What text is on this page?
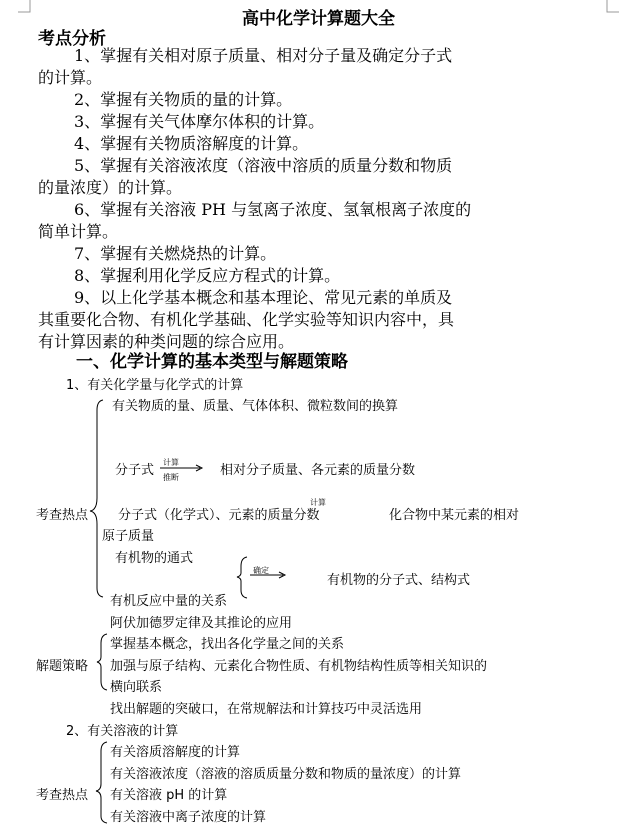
高中化学计算题大全
考点分析
1、掌握有关相对原子质量、相对分子量及确定分子式
的计算。
2、掌握有关物质的量的计算。
3、掌握有关气体摩尔体积的计算。
4、掌握有关物质溶解度的计算。
5、掌握有关溶液浓度（溶液中溶质的质量分数和物质
的量浓度）的计算。
6、掌握有关溶液 PH 与氢离子浓度、氢氧根离子浓度的
简单计算。
7、掌握有关燃烧热的计算。
8、掌握利用化学反应方程式的计算。
9、以上化学基本概念和基本理论、常见元素的单质及
其重要化合物、有机化学基础、化学实验等知识内容中，具
有计算因素的种类问题的综合应用。
一、化学计算的基本类型与解题策略
1、有关化学量与化学式的计算
有关物质的量、质量、气体体积、微粒数间的换算
分子式
计算
推断	相对分子质量、各元素的质量分数
考查热点 分子式（化学式）、元素的质量分数
计算
化合物中某元素的相对
原子质量
有机物的通式
确定
有机物的分子式、结构式
有机反应中量的关系
阿伏加德罗定律及其推论的应用
掌握基本概念，找出各化学量之间的关系
解题策略 加强与原子结构、元素化合物性质、有机物结构性质等相关知识的
横向联系
找出解题的突破口，在常规解法和计算技巧中灵活选用
2、有关溶液的计算
有关溶质溶解度的计算
有关溶液浓度（溶液的溶质质量分数和物质的量浓度）的计算
考查热点 有关溶液 pH 的计算
有关溶液中离子浓度的计算
